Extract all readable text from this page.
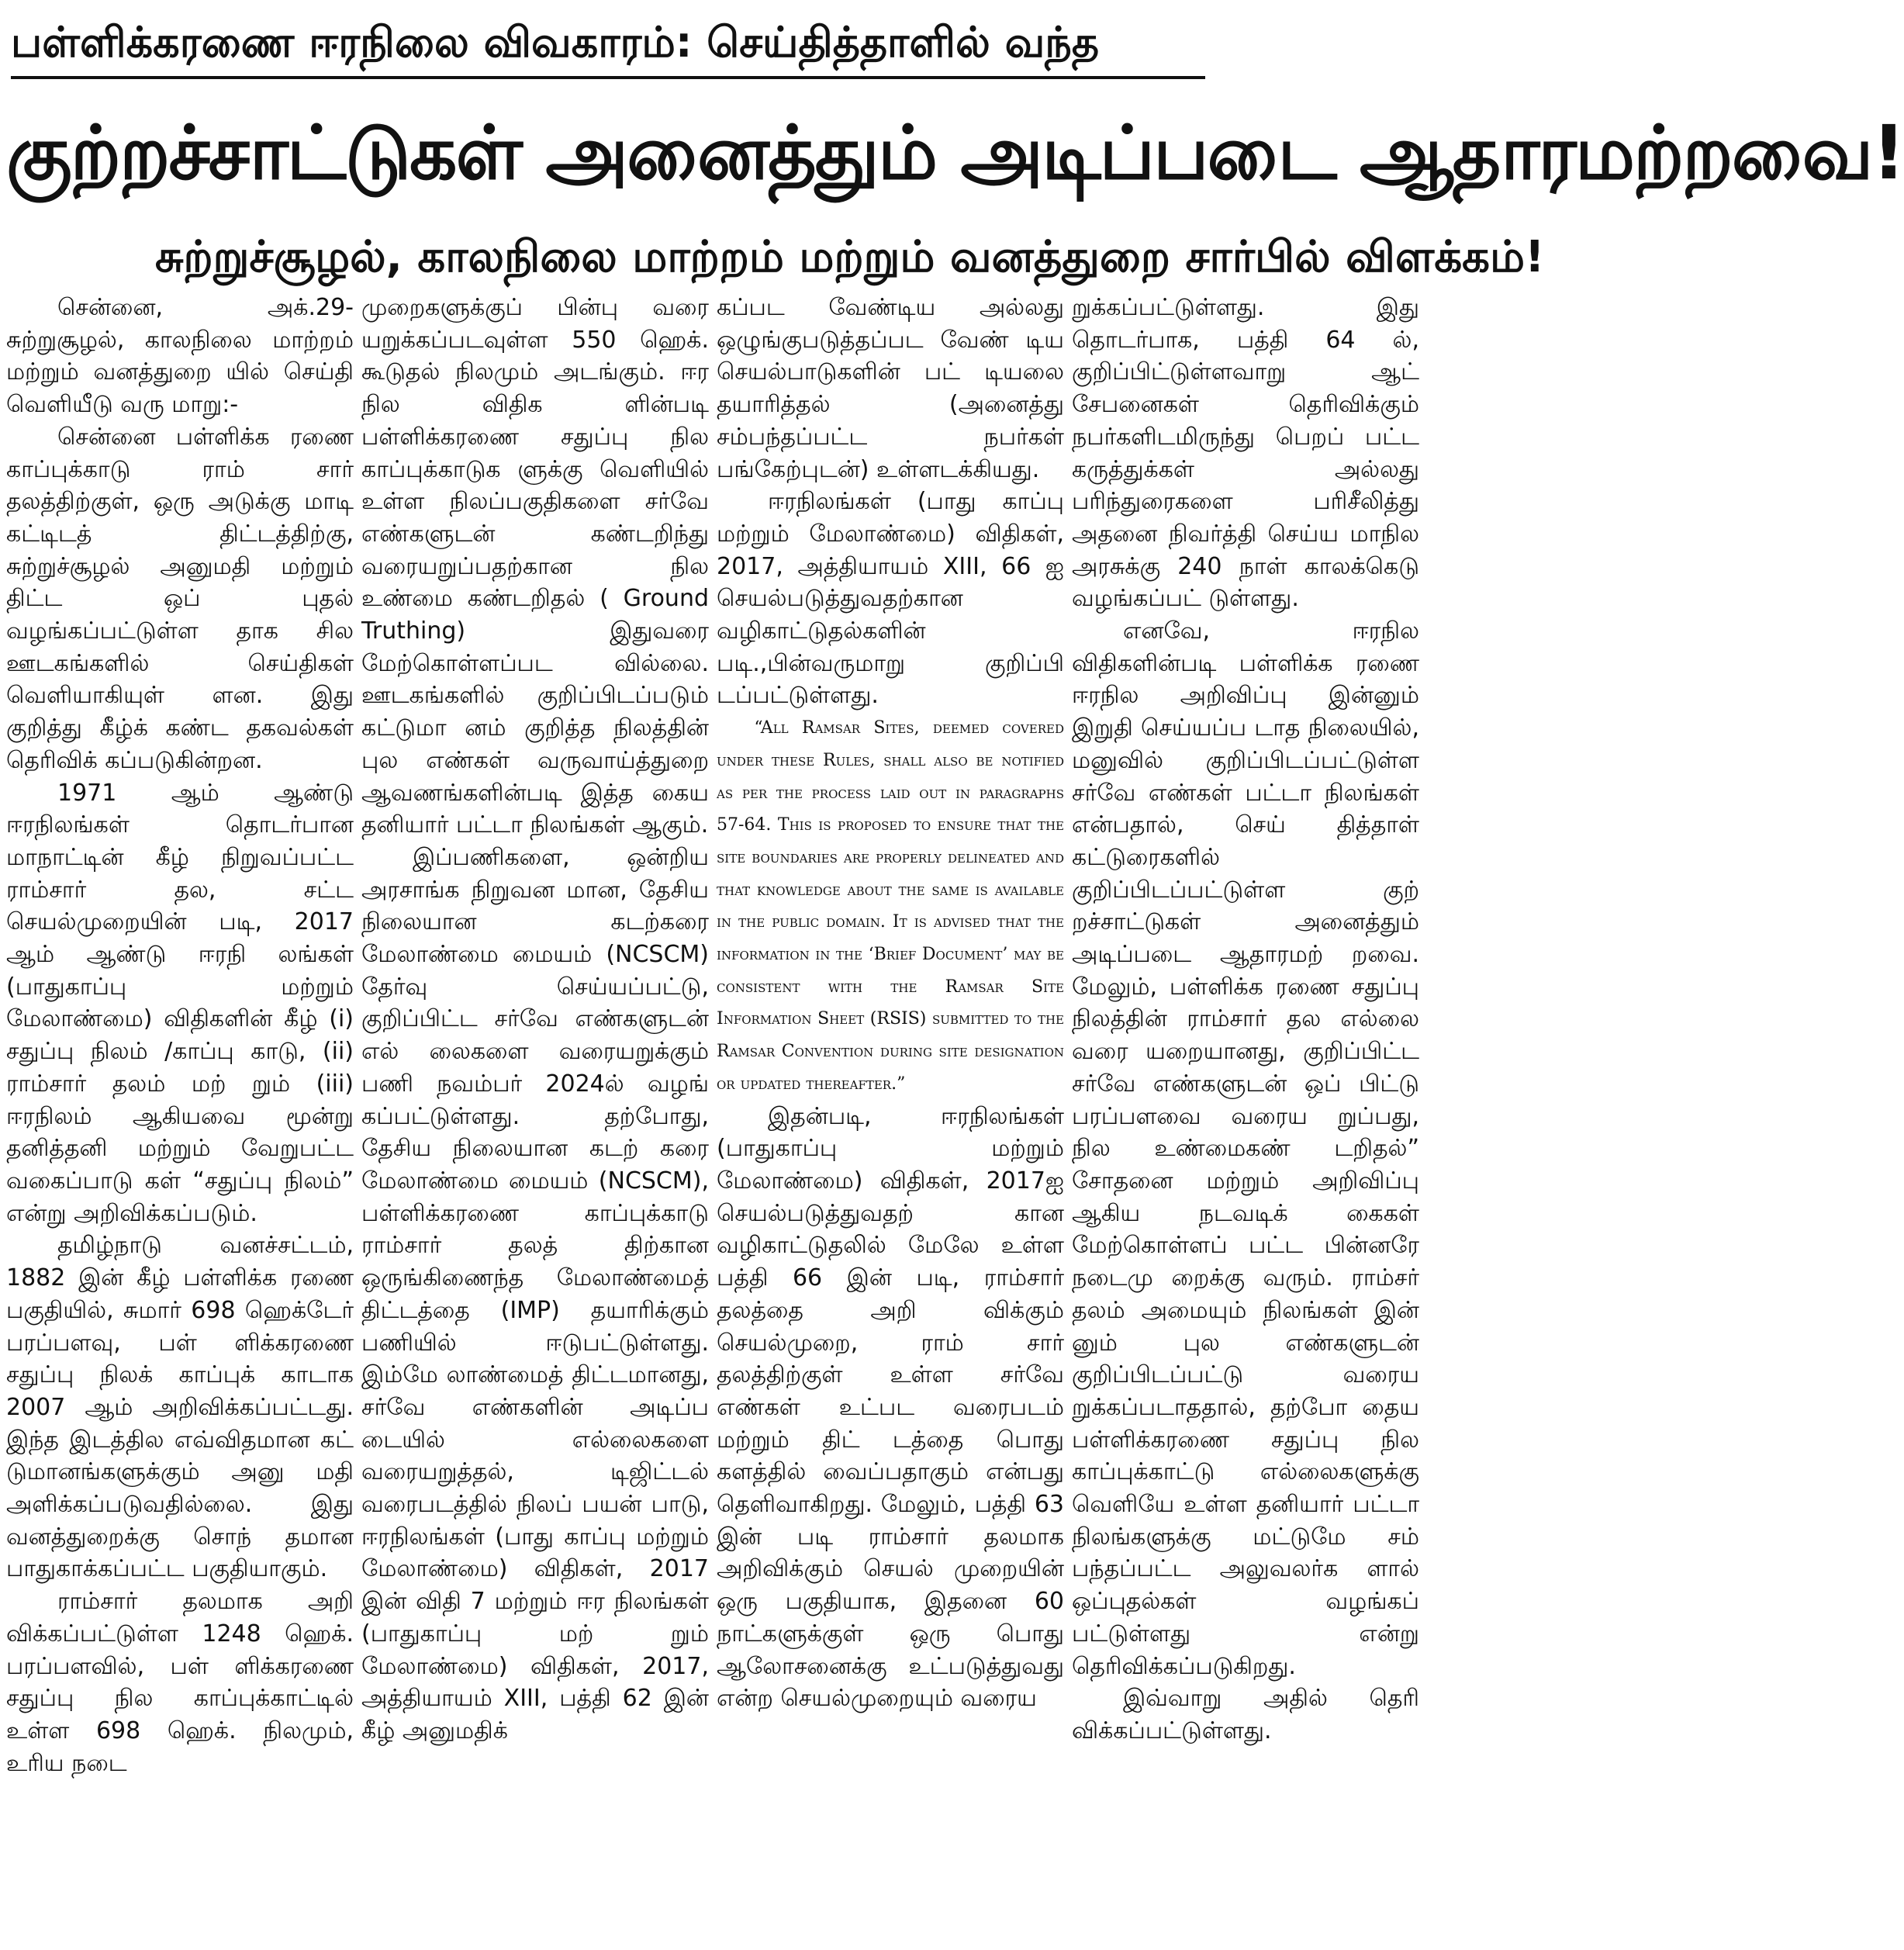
பள்ளிக்கரணை ஈரநிலை விவகாரம்: செய்தித்தாளில் வந்த
குற்றச்சாட்டுகள் அனைத்தும் அடிப்படை ஆதாரமற்றவை!
சுற்றுச்சூழல், காலநிலை மாற்றம் மற்றும் வனத்துறை சார்பில் விளக்கம்!

சென்னை, அக்.29- சுற்றுசூழல், காலநிலை மாற்றம் மற்றும் வனத்துறை யில் செய்தி வெளியீடு வரு மாறு:-

சென்னை பள்ளிக்க ரணை காப்புக்காடு ராம் சார் தலத்திற்குள், ஒரு அடுக்கு மாடி கட்டிடத் திட்டத்திற்கு, சுற்றுச்சூழல் அனுமதி மற்றும் திட்ட ஒப் புதல் வழங்கப்பட்டுள்ள தாக சில ஊடகங்களில் செய்திகள் வெளியாகியுள் ளன. இது குறித்து கீழ்க் கண்ட தகவல்கள் தெரிவிக் கப்படுகின்றன.

1971 ஆம் ஆண்டு ஈரநிலங்கள் தொடர்பான மாநாட்டின் கீழ் நிறுவப்பட்ட ராம்சார் தல, சட்ட செயல்முறையின் படி, 2017 ஆம் ஆண்டு ஈரநி லங்கள் (பாதுகாப்பு மற்றும் மேலாண்மை) விதிகளின் கீழ் (i) சதுப்பு நிலம் /காப்பு காடு, (ii) ராம்சார் தலம் மற் றும் (iii) ஈரநிலம் ஆகியவை மூன்று தனித்தனி மற்றும் வேறுபட்ட வகைப்பாடு கள் “சதுப்பு நிலம்” என்று அறிவிக்கப்படும்.

தமிழ்நாடு வனச்சட்டம், 1882 இன் கீழ் பள்ளிக்க ரணை பகுதியில், சுமார் 698 ஹெக்டேர் பரப்பளவு, பள் ளிக்கரணை சதுப்பு நிலக் காப்புக் காடாக 2007 ஆம் அறிவிக்கப்பட்டது. இந்த இடத்தில எவ்விதமான கட் டுமானங்களுக்கும் அனு மதி அளிக்கப்படுவதில்லை. இது வனத்துறைக்கு சொந் தமான பாதுகாக்கப்பட்ட பகுதியாகும்.

ராம்சார் தலமாக அறி விக்கப்பட்டுள்ள 1248 ஹெக். பரப்பளவில், பள் ளிக்கரணை சதுப்பு நில காப்புக்காட்டில் உள்ள 698 ஹெக். நிலமும், உரிய நடை

முறைகளுக்குப் பின்பு வரை யறுக்கப்படவுள்ள 550 ஹெக். கூடுதல் நிலமும் அடங்கும். ஈர நில விதிக ளின்படி பள்ளிக்கரணை சதுப்பு நில காப்புக்காடுக ளுக்கு வெளியில் உள்ள நிலப்பகுதிகளை சர்வே எண்களுடன் கண்டறிந்து வரையறுப்பதற்கான நில உண்மை கண்டறிதல் ( Ground Truthing) இதுவரை மேற்கொள்ளப்பட வில்லை. ஊடகங்களில் குறிப்பிடப்படும் கட்டுமா னம் குறித்த நிலத்தின் புல எண்கள் வருவாய்த்துறை ஆவணங்களின்படி இத்த கைய தனியார் பட்டா நிலங்கள் ஆகும்.

இப்பணிகளை, ஒன்றிய அரசாங்க நிறுவன மான, தேசிய நிலையான கடற்கரை மேலாண்மை மையம் (NCSCM) தேர்வு செய்யப்பட்டு, குறிப்பிட்ட சர்வே எண்களுடன் எல் லைகளை வரையறுக்கும் பணி நவம்பர் 2024ல் வழங் கப்பட்டுள்ளது. தற்போது, தேசிய நிலையான கடற் கரை மேலாண்மை மையம் (NCSCM), பள்ளிக்கரணை காப்புக்காடு ராம்சார் தலத் திற்கான ஒருங்கிணைந்த மேலாண்மைத் திட்டத்தை (IMP) தயாரிக்கும் பணியில் ஈடுபட்டுள்ளது. இம்மே லாண்மைத் திட்டமானது, சர்வே எண்களின் அடிப்ப டையில் எல்லைகளை வரையறுத்தல், டிஜிட்டல் வரைபடத்தில் நிலப் பயன் பாடு, ஈரநிலங்கள் (பாது காப்பு மற்றும் மேலாண்மை) விதிகள், 2017 இன் விதி 7 மற்றும் ஈர நிலங்கள் (பாதுகாப்பு மற் றும் மேலாண்மை) விதிகள், 2017, அத்தியாயம் XIII, பத்தி 62 இன் கீழ் அனுமதிக்

கப்பட வேண்டிய அல்லது ஒழுங்குபடுத்தப்பட வேண் டிய செயல்பாடுகளின் பட் டியலை தயாரித்தல் (அனைத்து சம்பந்தப்பட்ட நபர்கள் பங்கேற்புடன்) உள்ளடக்கியது.

ஈரநிலங்கள் (பாது காப்பு மற்றும் மேலாண்மை) விதிகள், 2017, அத்தியாயம் XIII, 66 ஐ செயல்படுத்துவதற்கான வழிகாட்டுதல்களின் படி.,பின்வருமாறு குறிப்பி டப்பட்டுள்ளது.

“All Ramsar Sites, deemed covered under these Rules, shall also be notified as per the process laid out in paragraphs 57-64. This is proposed to ensure that the site boundaries are properly delineated and that knowledge about the same is available in the public domain. It is advised that the information in the ‘Brief Document’ may be consistent with the Ramsar Site Information Sheet (RSIS) submitted to the Ramsar Convention during site designation or updated thereafter.”

இதன்படி, ஈரநிலங்கள் (பாதுகாப்பு மற்றும் மேலாண்மை) விதிகள், 2017ஐ செயல்படுத்துவதற் கான வழிகாட்டுதலில் மேலே உள்ள பத்தி 66 இன் படி, ராம்சார் தலத்தை அறி விக்கும் செயல்முறை, ராம் சார் தலத்திற்குள் உள்ள சர்வே எண்கள் உட்பட வரைபடம் மற்றும் திட் டத்தை பொது களத்தில் வைப்பதாகும் என்பது தெளிவாகிறது. மேலும், பத்தி 63 இன் படி ராம்சார் தலமாக அறிவிக்கும் செயல் முறையின் ஒரு பகுதியாக, இதனை 60 நாட்களுக்குள் ஒரு பொது ஆலோசனைக்கு உட்படுத்துவது என்ற செயல்முறையும் வரைய

றுக்கப்பட்டுள்ளது. இது தொடர்பாக, பத்தி 64 ல், குறிப்பிட்டுள்ளவாறு ஆட் சேபனைகள் தெரிவிக்கும் நபர்களிடமிருந்து பெறப் பட்ட கருத்துக்கள் அல்லது பரிந்துரைகளை பரிசீலித்து அதனை நிவர்த்தி செய்ய மாநில அரசுக்கு 240 நாள் காலக்கெடு வழங்கப்பட் டுள்ளது.

எனவே, ஈரநில விதிகளின்படி பள்ளிக்க ரணை ஈரநில அறிவிப்பு இன்னும் இறுதி செய்யப்ப டாத நிலையில், மனுவில் குறிப்பிடப்பட்டுள்ள சர்வே எண்கள் பட்டா நிலங்கள் என்பதால், செய் தித்தாள் கட்டுரைகளில் குறிப்பிடப்பட்டுள்ள குற் றச்சாட்டுகள் அனைத்தும் அடிப்படை ஆதாரமற் றவை. மேலும், பள்ளிக்க ரணை சதுப்பு நிலத்தின் ராம்சார் தல எல்லை வரை யறையானது, குறிப்பிட்ட சர்வே எண்களுடன் ஒப் பிட்டு பரப்பளவை வரைய றுப்பது, நில உண்மைகண் டறிதல்” சோதனை மற்றும் அறிவிப்பு ஆகிய நடவடிக் கைகள் மேற்கொள்ளப் பட்ட பின்னரே நடைமு றைக்கு வரும். ராம்சர் தலம் அமையும் நிலங்கள் இன் னும் புல எண்களுடன் குறிப்பிடப்பட்டு வரைய றுக்கப்படாததால், தற்போ தைய பள்ளிக்கரணை சதுப்பு நில காப்புக்காட்டு எல்லைகளுக்கு வெளியே உள்ள தனியார் பட்டா நிலங்களுக்கு மட்டுமே சம் பந்தப்பட்ட அலுவலர்க ளால் ஒப்புதல்கள் வழங்கப் பட்டுள்ளது என்று தெரிவிக்கப்படுகிறது.

இவ்வாறு அதில் தெரி விக்கப்பட்டுள்ளது.
